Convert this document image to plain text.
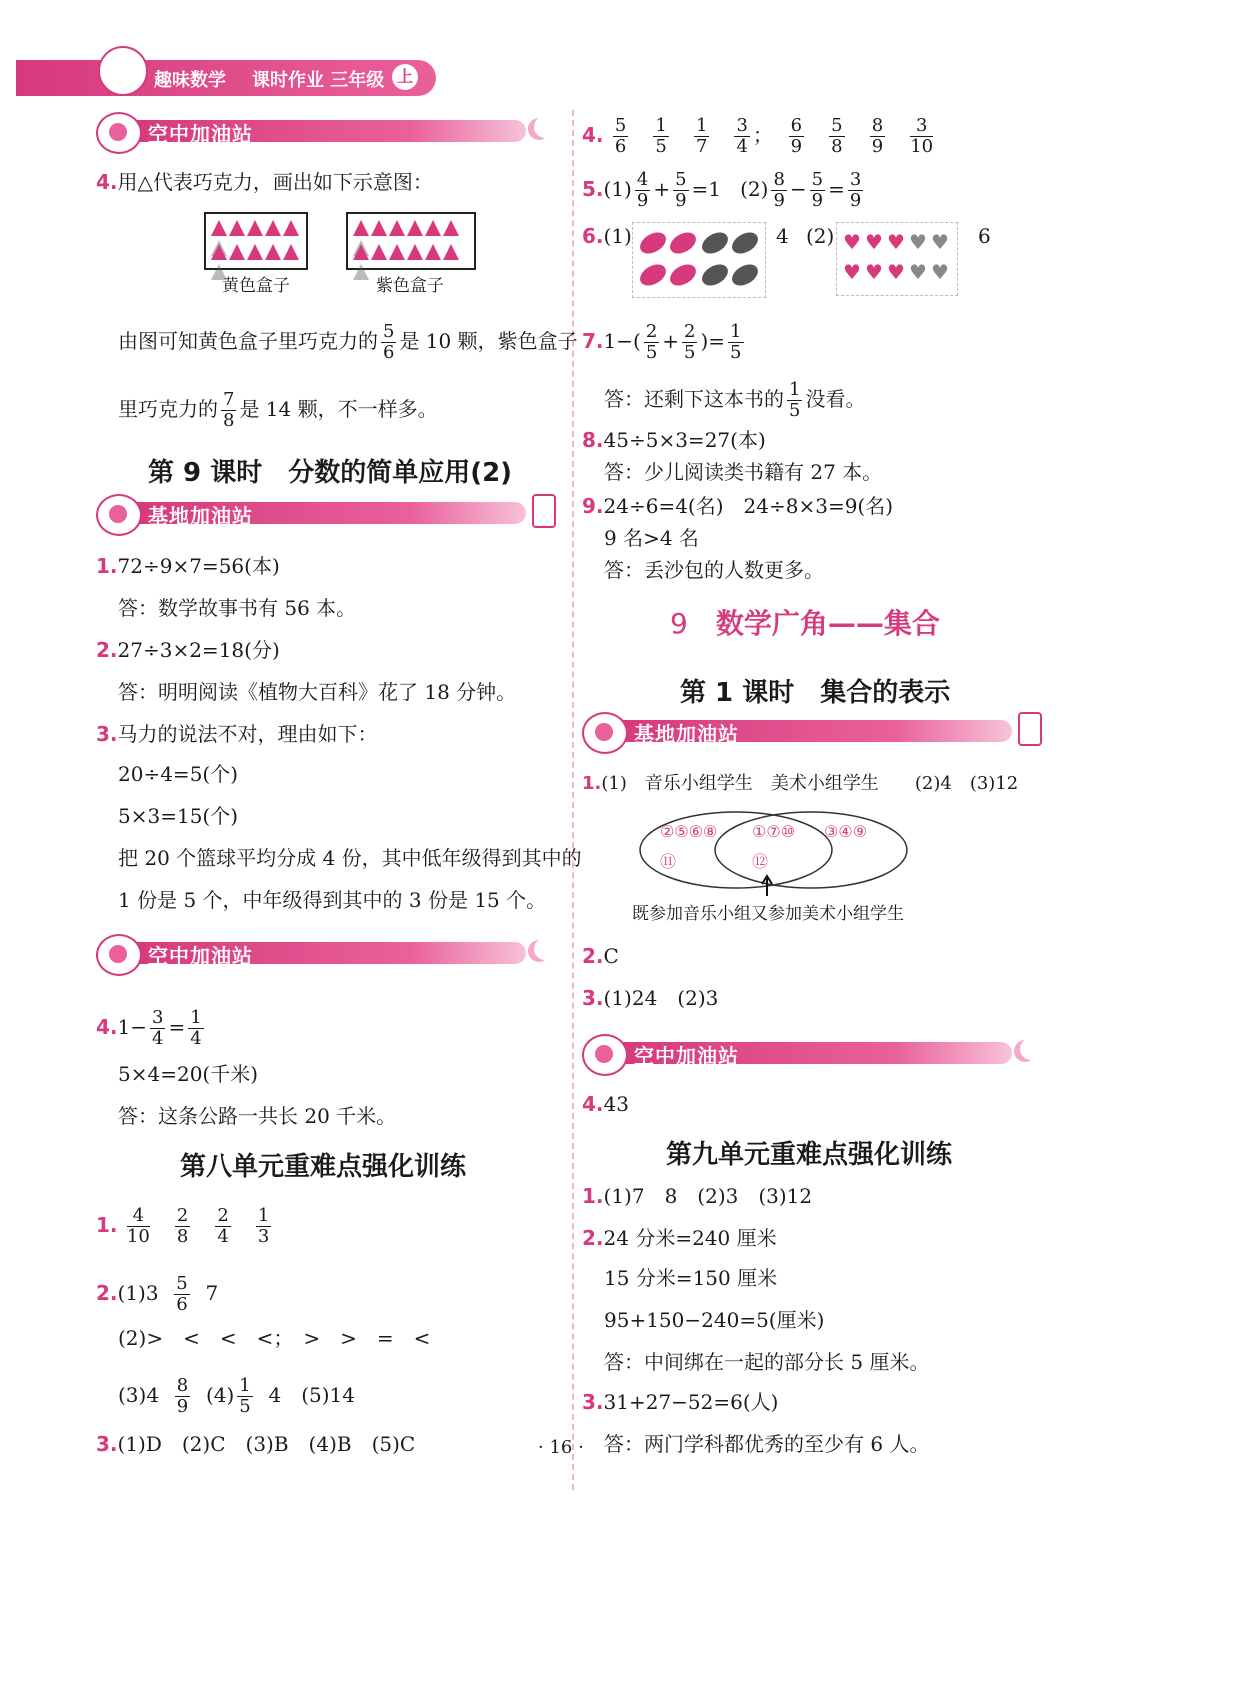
趣味数学 课时作业 三年级 上
空中加油站
4.用△代表巧克力，画出如下示意图：
黄色盒子	紫色盒子
由图可知黄色盒子里巧克力的 $\frac{5}{6}$ 是 10 颗，紫色盒子
里巧克力的 $\frac{7}{8}$ 是 14 颗，不一样多。
第 9 课时　分数的简单应用(2)
基地加油站
1.72÷9×7=56(本)
答：数学故事书有 56 本。
2.27÷3×2=18(分)
答：明明阅读《植物大百科》花了 18 分钟。
3.马力的说法不对，理由如下：
20÷4=5(个)
5×3=15(个)
把 20 个篮球平均分成 4 份，其中低年级得到其中的
1 份是 5 个，中年级得到其中的 3 份是 15 个。
空中加油站
$4.1- \frac{3}{4} = \frac{1}{4}$
5×4=20(千米)
答：这条公路一共长 20 千米。
第八单元重难点强化训练
1. $\frac{4}{10}$
$\frac{2}{8}$
$\frac{2}{4}$
$\frac{1}{3}$
$2.(1)3 \frac{5}{6} 7$
(2)>　<　<　<；　>　>　=　<
$(3)4 \frac{8}{9} (4) \frac{1}{5} 4$　(5)14
3.(1)D　(2)C　(3)B　(4)B　(5)C
4. $\frac{5}{6}$
$\frac{1}{5}$
$\frac{1}{7}$
$\frac{3}{4}$ ； $\frac{6}{9}$
$\frac{5}{8}$
$\frac{8}{9}$
$\frac{3}{10}$
$5.(1) \frac{4}{9} + \frac{5}{9} =1$ $(2) \frac{8}{9} - \frac{5}{9} = \frac{3}{9}$
6.(1)	4 (2) ♥ ♥ ♥ ♥ ♥
♥ ♥ ♥ ♥ ♥
6
$7.1-( \frac{2}{5} + \frac{2}{5}$ )= $\frac{1}{5}$
答：还剩下这本书的 $\frac{1}{5}$ 没看。
8.45÷5×3=27(本)
答：少儿阅读类书籍有 27 本。
9.24÷6=4(名)　24÷8×3=9(名)
9 名>4 名
答：丢沙包的人数更多。
9 数学广角——集合
第 1 课时　集合的表示
基地加油站
1.(1)　音乐小组学生　美术小组学生　　(2)4　(3)12
②⑤⑥⑧
⑪
①⑦⑩
⑫
③④⑨
既参加音乐小组又参加美术小组学生
2.C
3.(1)24　(2)3
空中加油站
4.43
第九单元重难点强化训练
1.(1)7　8　(2)3　(3)12
2.24 分米=240 厘米
15 分米=150 厘米
95+150−240=5(厘米)
答：中间绑在一起的部分长 5 厘米。
3.31+27−52=6(人)
答：两门学科都优秀的至少有 6 人。
· 16 ·
